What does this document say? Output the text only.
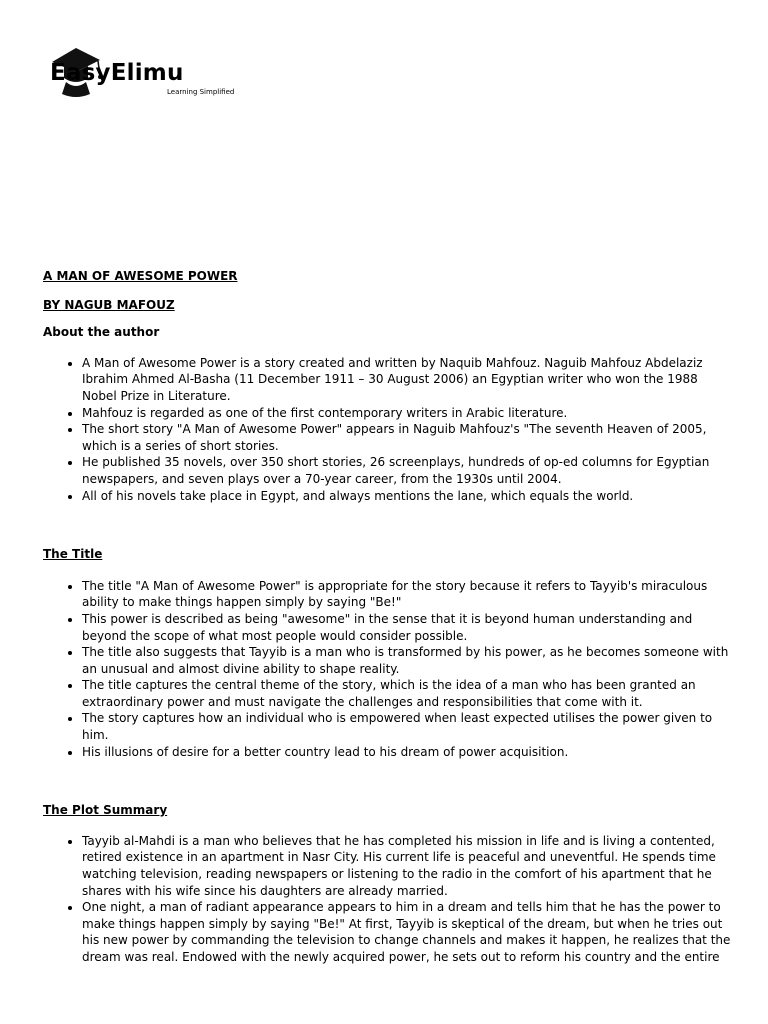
EasyElimu
Learning Simplified

A MAN OF AWESOME POWER

BY NAGUB MAFOUZ

About the author

• A Man of Awesome Power is a story created and written by Naquib Mahfouz. Naguib Mahfouz Abdelaziz Ibrahim Ahmed Al-Basha (11 December 1911 – 30 August 2006) an Egyptian writer who won the 1988 Nobel Prize in Literature.
• Mahfouz is regarded as one of the first contemporary writers in Arabic literature.
• The short story "A Man of Awesome Power" appears in Naguib Mahfouz's "The seventh Heaven of 2005, which is a series of short stories.
• He published 35 novels, over 350 short stories, 26 screenplays, hundreds of op-ed columns for Egyptian newspapers, and seven plays over a 70-year career, from the 1930s until 2004.
• All of his novels take place in Egypt, and always mentions the lane, which equals the world.

The Title

• The title "A Man of Awesome Power" is appropriate for the story because it refers to Tayyib's miraculous ability to make things happen simply by saying "Be!"
• This power is described as being "awesome" in the sense that it is beyond human understanding and beyond the scope of what most people would consider possible.
• The title also suggests that Tayyib is a man who is transformed by his power, as he becomes someone with an unusual and almost divine ability to shape reality.
• The title captures the central theme of the story, which is the idea of a man who has been granted an extraordinary power and must navigate the challenges and responsibilities that come with it.
• The story captures how an individual who is empowered when least expected utilises the power given to him.
• His illusions of desire for a better country lead to his dream of power acquisition.

The Plot Summary

• Tayyib al-Mahdi is a man who believes that he has completed his mission in life and is living a contented, retired existence in an apartment in Nasr City. His current life is peaceful and uneventful. He spends time watching television, reading newspapers or listening to the radio in the comfort of his apartment that he shares with his wife since his daughters are already married.
• One night, a man of radiant appearance appears to him in a dream and tells him that he has the power to make things happen simply by saying "Be!" At first, Tayyib is skeptical of the dream, but when he tries out his new power by commanding the television to change channels and makes it happen, he realizes that the dream was real. Endowed with the newly acquired power, he sets out to reform his country and the entire
